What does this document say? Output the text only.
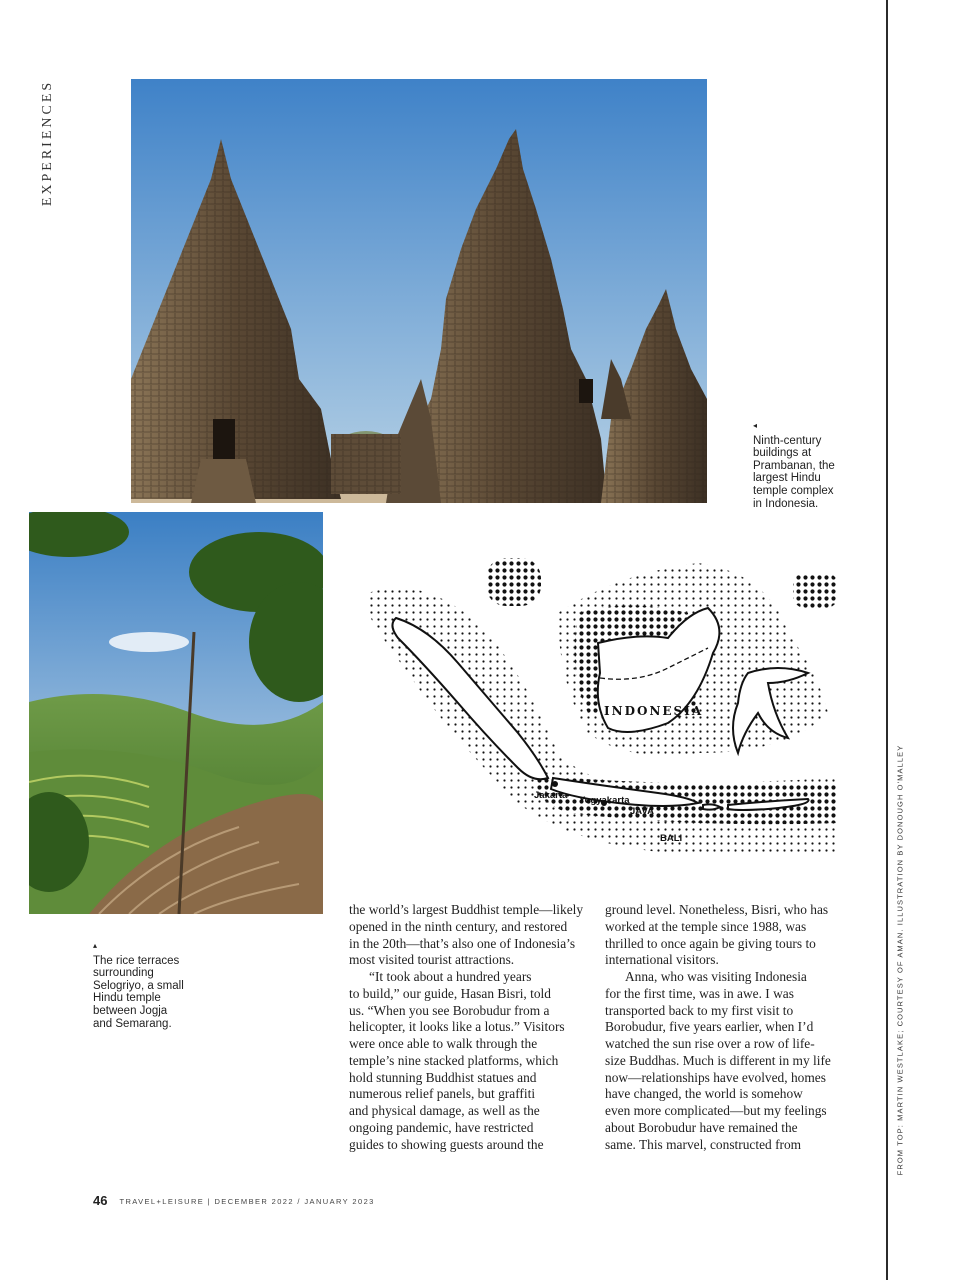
EXPERIENCES
FROM TOP: MARTIN WESTLAKE; COURTESY OF AMAN. ILLUSTRATION BY DONOUGH O'MALLEY
◂
Ninth-century
buildings at
Prambanan, the
largest Hindu
temple complex
in Indonesia.
▴
The rice terraces
surrounding
Selogriyo, a small
Hindu temple
between Jogja
and Semarang.
INDONESIA
Jakarta Yogyakarta
JAVA
BALI
the world’s largest Buddhist temple—likely
opened in the ninth century, and restored
in the 20th—that’s also one of Indonesia’s
most visited tourist attractions.
“It took about a hundred years
to build,” our guide, Hasan Bisri, told
us. “When you see Borobudur from a
helicopter, it looks like a lotus.” Visitors
were once able to walk through the
temple’s nine stacked platforms, which
hold stunning Buddhist statues and
numerous relief panels, but graffiti
and physical damage, as well as the
ongoing pandemic, have restricted
guides to showing guests around the
ground level. Nonetheless, Bisri, who has
worked at the temple since 1988, was
thrilled to once again be giving tours to
international visitors.
Anna, who was visiting Indonesia
for the first time, was in awe. I was
transported back to my first visit to
Borobudur, five years earlier, when I’d
watched the sun rise over a row of life-
size Buddhas. Much is different in my life
now—relationships have evolved, homes
have changed, the world is somehow
even more complicated—but my feelings
about Borobudur have remained the
same. This marvel, constructed from
46 TRAVEL+LEISURE | DECEMBER 2022 / JANUARY 2023
